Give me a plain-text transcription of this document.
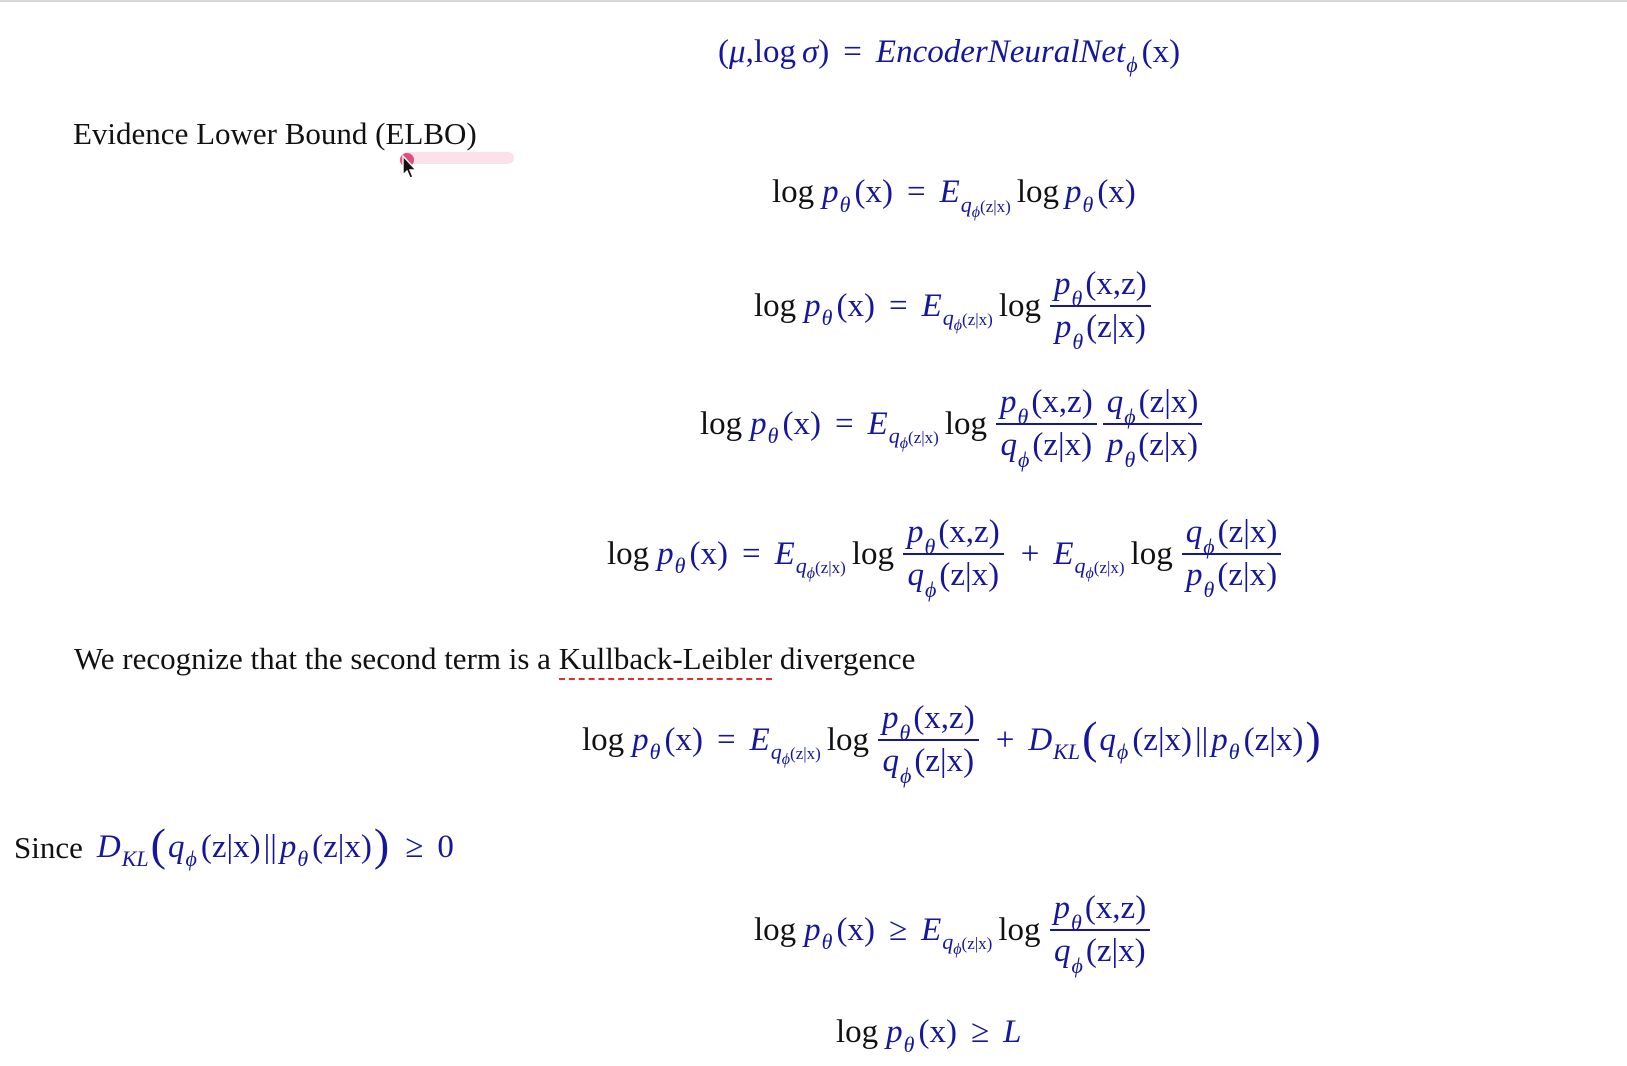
( μ , log σ ) = EncoderNeuralNet ϕ (x)
Evidence Lower Bound (ELBO)
log p θ (x) = E $q_\phi(z|x)$ log p θ (x)
log p θ (x) = E $q_\phi(z|x)$ $\log \frac{p_\theta(x,z)}{p_\theta(z|x)}$
log p θ (x) = E $q_\phi(z|x)$ $\log \frac{p_\theta(x,z)}{q_\phi(z|x)} \frac{q_\phi(z|x)}{p_\theta(z|x)}$
log p θ (x) = E $q_\phi(z|x)$ $\log \frac{p_\theta(x,z)}{q_\phi(z|x)} + E$ $q_\phi(z|x)$ $\log \frac{q_\phi(z|x)}{p_\theta(z|x)}$
We recognize that the second term is a Kullback-Leibler divergence
log p θ (x) = E $q_\phi(z|x)$ $\log \frac{p_\theta(x,z)}{q_\phi(z|x)} + D$ KL ( q ϕ (z|x) || p θ (z|x) )
Since D KL ( q ϕ (z|x) || p θ (z|x) ) ≥ 0
log p θ (x) ≥ E $q_\phi(z|x)$ $\log \frac{p_\theta(x,z)}{q_\phi(z|x)}$
log p θ (x) ≥ L
